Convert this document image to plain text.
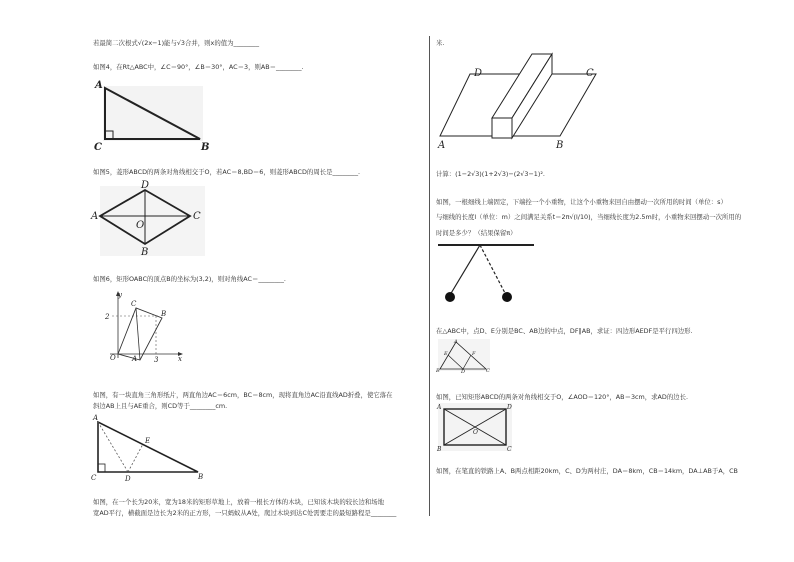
若最简二次根式√(2x−1)能与√3合并，则x的值为________
如图4，在Rt△ABC中，∠C＝90°，∠B＝30°，AC＝3，则AB＝________.
A
C	B
如图5，菱形ABCD的两条对角线相交于O，若AC＝8,BD＝6，则菱形ABCD的周长是________.
D
A
O
C
B
如图6，矩形OABC的顶点B的坐标为(3,2)，则对角线AC＝________.
y
C
B
2
O A 3	x
如图，有一块直角三角形纸片，两直角边AC＝6cm，BC＝8cm，现将直角边AC沿直线AD折叠，使它落在
斜边AB上且与AE重合，则CD等于________cm.
A
E
C	D	B
如图，在一个长为20米，宽为18米的矩形草地上，放着一根长方体的木块，已知该木块的较长边和场地
宽AD平行，横截面是边长为2米的正方形，一只蚂蚁从A处，爬过木块到达C处需要走的最短路程是________
米.
D	C
A	B
计算：(1−2√3)(1+2√3)−(2√3−1)².
如图，一根细线上端固定，下端拴一个小重物，让这个小重物来回自由摆动一次所用的时间（单位：s）
与细线的长度l（单位：m）之间满足关系t＝2π√(l/10)，当细线长度为2.5m时，小重物来回摆动一次所用的
时间是多少？（结果保留π）
在△ABC中，点D、E分别是BC、AB边的中点，DF∥AB，求证：四边形AEDF是平行四边形.
A
E	F
B	D	C
如图，已知矩形ABCD的两条对角线相交于O，∠AOD＝120°，AB＝3cm，求AD的边长.
A	D
O
B	C
如图，在笔直的铁路上A、B两点相距20km，C、D为两村庄，DA＝8km，CB＝14km，DA⊥AB于A，CB
